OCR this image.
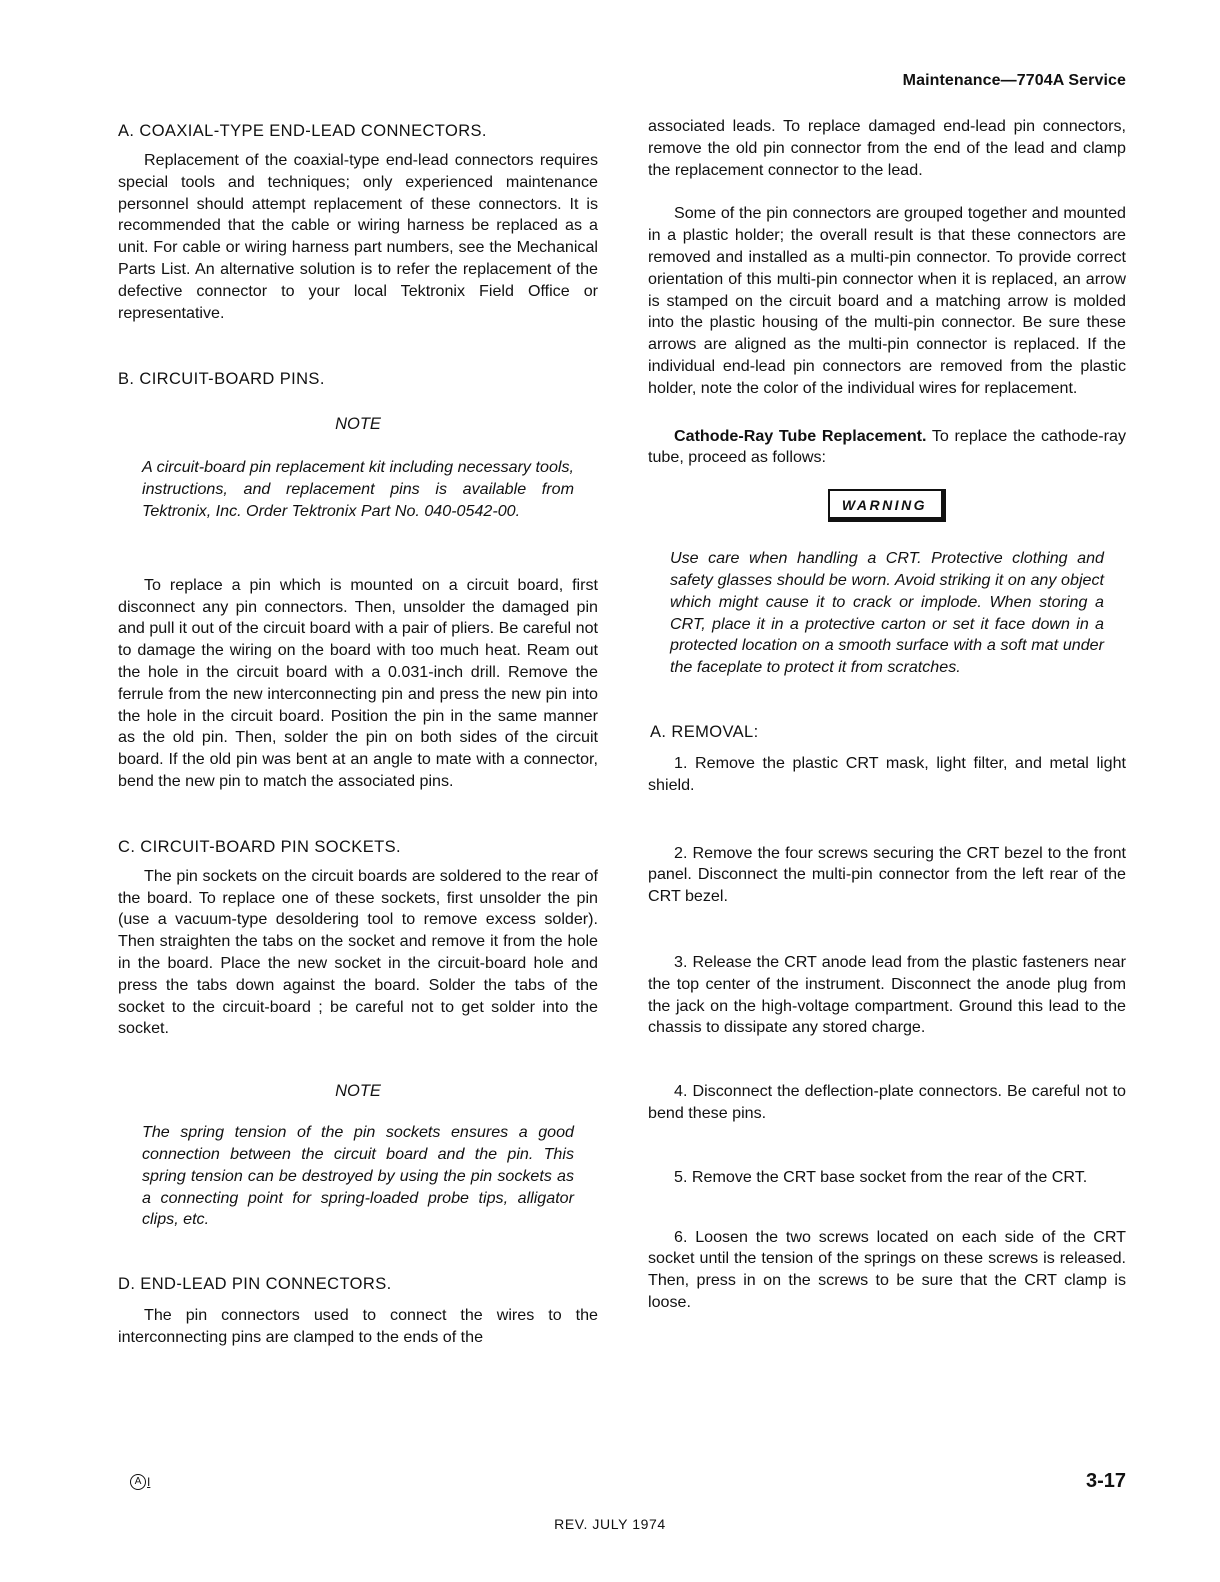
Maintenance—7704A Service

A. COAXIAL-TYPE END-LEAD CONNECTORS.

Replacement of the coaxial-type end-lead connectors requires special tools and techniques; only experienced maintenance personnel should attempt replacement of these connectors. It is recommended that the cable or wiring harness be replaced as a unit. For cable or wiring harness part numbers, see the Mechanical Parts List. An alternative solution is to refer the replacement of the defective connector to your local Tektronix Field Office or representative.

B. CIRCUIT-BOARD PINS.

NOTE

A circuit-board pin replacement kit including necessary tools, instructions, and replacement pins is available from Tektronix, Inc. Order Tektronix Part No. 040-0542-00.

To replace a pin which is mounted on a circuit board, first disconnect any pin connectors. Then, unsolder the damaged pin and pull it out of the circuit board with a pair of pliers. Be careful not to damage the wiring on the board with too much heat. Ream out the hole in the circuit board with a 0.031-inch drill. Remove the ferrule from the new interconnecting pin and press the new pin into the hole in the circuit board. Position the pin in the same manner as the old pin. Then, solder the pin on both sides of the circuit board. If the old pin was bent at an angle to mate with a connector, bend the new pin to match the associated pins.

C. CIRCUIT-BOARD PIN SOCKETS.

The pin sockets on the circuit boards are soldered to the rear of the board. To replace one of these sockets, first unsolder the pin (use a vacuum-type desoldering tool to remove excess solder). Then straighten the tabs on the socket and remove it from the hole in the board. Place the new socket in the circuit-board hole and press the tabs down against the board. Solder the tabs of the socket to the circuit-board ; be careful not to get solder into the socket.

NOTE

The spring tension of the pin sockets ensures a good connection between the circuit board and the pin. This spring tension can be destroyed by using the pin sockets as a connecting point for spring-loaded probe tips, alligator clips, etc.

D. END-LEAD PIN CONNECTORS.

The pin connectors used to connect the wires to the interconnecting pins are clamped to the ends of the

associated leads. To replace damaged end-lead pin connectors, remove the old pin connector from the end of the lead and clamp the replacement connector to the lead.

Some of the pin connectors are grouped together and mounted in a plastic holder; the overall result is that these connectors are removed and installed as a multi-pin connector. To provide correct orientation of this multi-pin connector when it is replaced, an arrow is stamped on the circuit board and a matching arrow is molded into the plastic housing of the multi-pin connector. Be sure these arrows are aligned as the multi-pin connector is replaced. If the individual end-lead pin connectors are removed from the plastic holder, note the color of the individual wires for replacement.

Cathode-Ray Tube Replacement. To replace the cathode-ray tube, proceed as follows:

WARNING

Use care when handling a CRT. Protective clothing and safety glasses should be worn. Avoid striking it on any object which might cause it to crack or implode. When storing a CRT, place it in a protective carton or set it face down in a protected location on a smooth surface with a soft mat under the faceplate to protect it from scratches.

A. REMOVAL:

1. Remove the plastic CRT mask, light filter, and metal light shield.

2. Remove the four screws securing the CRT bezel to the front panel. Disconnect the multi-pin connector from the left rear of the CRT bezel.

3. Release the CRT anode lead from the plastic fasteners near the top center of the instrument. Disconnect the anode plug from the jack on the high-voltage compartment. Ground this lead to the chassis to dissipate any stored charge.

4. Disconnect the deflection-plate connectors. Be careful not to bend these pins.

5. Remove the CRT base socket from the rear of the CRT.

6. Loosen the two screws located on each side of the CRT socket until the tension of the springs on these screws is released. Then, press in on the screws to be sure that the CRT clamp is loose.

A I	3-17
REV. JULY 1974
